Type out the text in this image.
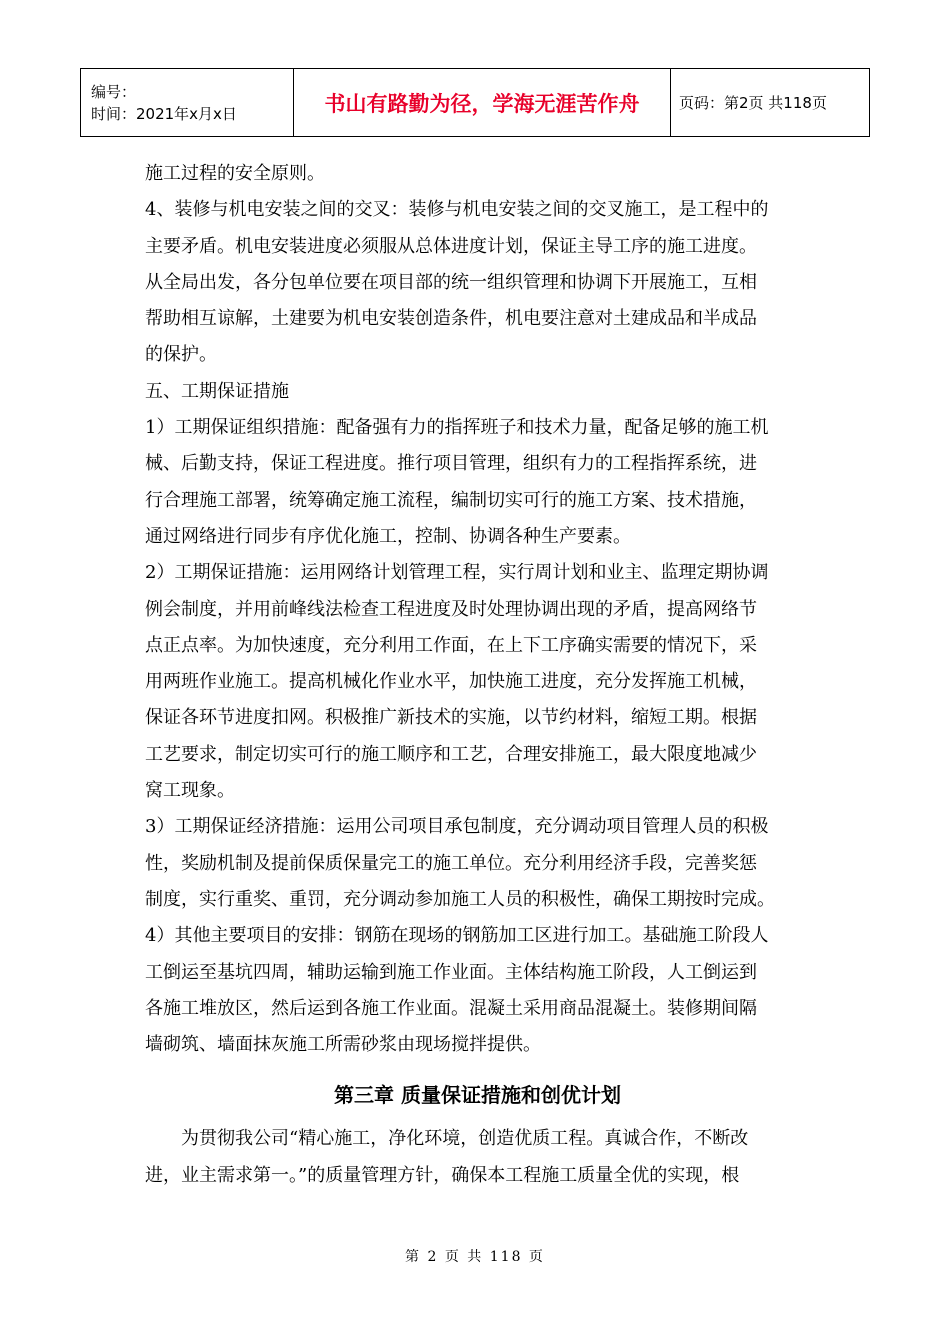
编号：
时间：2021年x月x日	书山有路勤为径，学海无涯苦作舟	页码：第2页 共118页
施工过程的安全原则。
4、装修与机电安装之间的交叉：装修与机电安装之间的交叉施工，是工程中的
主要矛盾。机电安装进度必须服从总体进度计划，保证主导工序的施工进度。
从全局出发，各分包单位要在项目部的统一组织管理和协调下开展施工，互相
帮助相互谅解，土建要为机电安装创造条件，机电要注意对土建成品和半成品
的保护。
五、工期保证措施
1）工期保证组织措施：配备强有力的指挥班子和技术力量，配备足够的施工机
械、后勤支持，保证工程进度。推行项目管理，组织有力的工程指挥系统，进
行合理施工部署，统筹确定施工流程，编制切实可行的施工方案、技术措施，
通过网络进行同步有序优化施工，控制、协调各种生产要素。
2）工期保证措施：运用网络计划管理工程，实行周计划和业主、监理定期协调
例会制度，并用前峰线法检查工程进度及时处理协调出现的矛盾，提高网络节
点正点率。为加快速度，充分利用工作面，在上下工序确实需要的情况下，采
用两班作业施工。提高机械化作业水平，加快施工进度，充分发挥施工机械，
保证各环节进度扣网。积极推广新技术的实施，以节约材料，缩短工期。根据
工艺要求，制定切实可行的施工顺序和工艺，合理安排施工，最大限度地减少
窝工现象。
3）工期保证经济措施：运用公司项目承包制度，充分调动项目管理人员的积极
性，奖励机制及提前保质保量完工的施工单位。充分利用经济手段，完善奖惩
制度，实行重奖、重罚，充分调动参加施工人员的积极性，确保工期按时完成。
4）其他主要项目的安排：钢筋在现场的钢筋加工区进行加工。基础施工阶段人
工倒运至基坑四周，辅助运输到施工作业面。主体结构施工阶段，人工倒运到
各施工堆放区，然后运到各施工作业面。混凝土采用商品混凝土。装修期间隔
墙砌筑、墙面抹灰施工所需砂浆由现场搅拌提供。
第三章 质量保证措施和创优计划
为贯彻我公司“精心施工，净化环境，创造优质工程。真诚合作，不断改
进，业主需求第一。”的质量管理方针，确保本工程施工质量全优的实现，根
第 2 页 共 118 页
